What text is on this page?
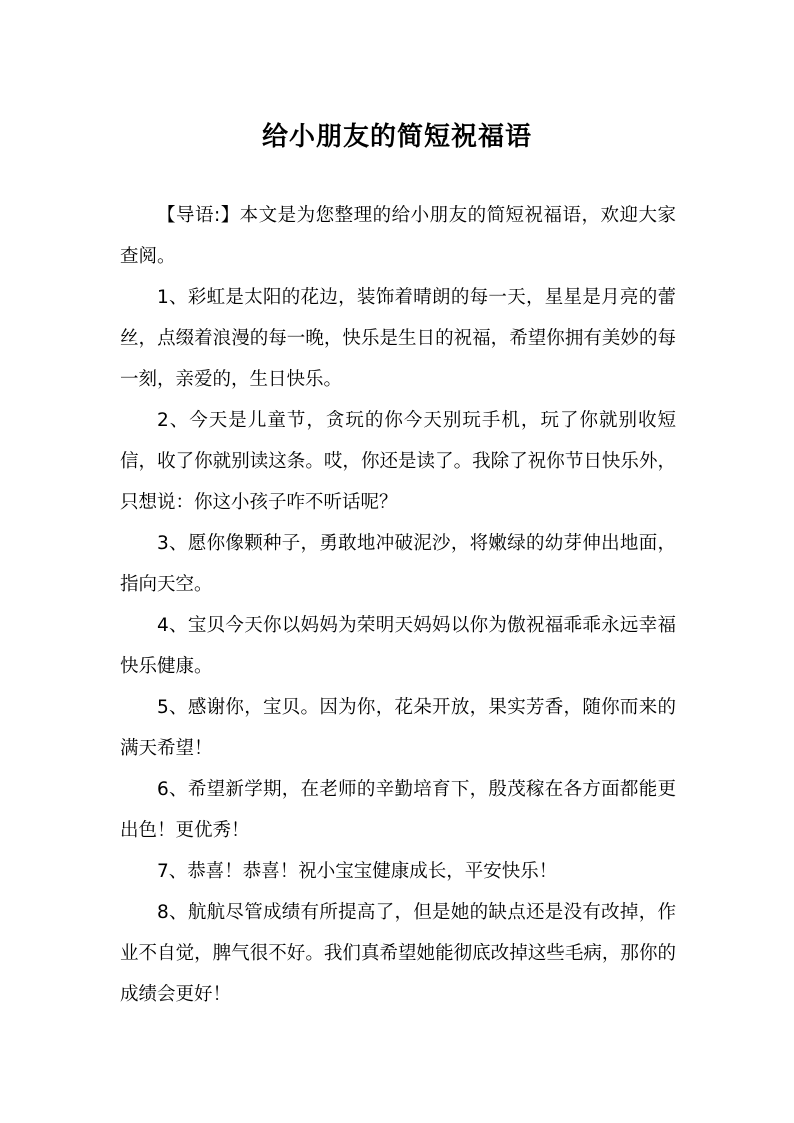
给小朋友的简短祝福语

【导语:】本文是为您整理的给小朋友的简短祝福语，欢迎大家查阅。

1、彩虹是太阳的花边，装饰着晴朗的每一天，星星是月亮的蕾丝，点缀着浪漫的每一晚，快乐是生日的祝福，希望你拥有美妙的每一刻，亲爱的，生日快乐。

2、今天是儿童节，贪玩的你今天别玩手机，玩了你就别收短信，收了你就别读这条。哎，你还是读了。我除了祝你节日快乐外，只想说：你这小孩子咋不听话呢？

3、愿你像颗种子，勇敢地冲破泥沙，将嫩绿的幼芽伸出地面，指向天空。

4、宝贝今天你以妈妈为荣明天妈妈以你为傲祝福乖乖永远幸福快乐健康。

5、感谢你，宝贝。因为你，花朵开放，果实芳香，随你而来的满天希望！

6、希望新学期，在老师的辛勤培育下，殷茂稼在各方面都能更出色！更优秀！

7、恭喜！恭喜！祝小宝宝健康成长，平安快乐！

8、航航尽管成绩有所提高了，但是她的缺点还是没有改掉，作业不自觉，脾气很不好。我们真希望她能彻底改掉这些毛病，那你的成绩会更好！
